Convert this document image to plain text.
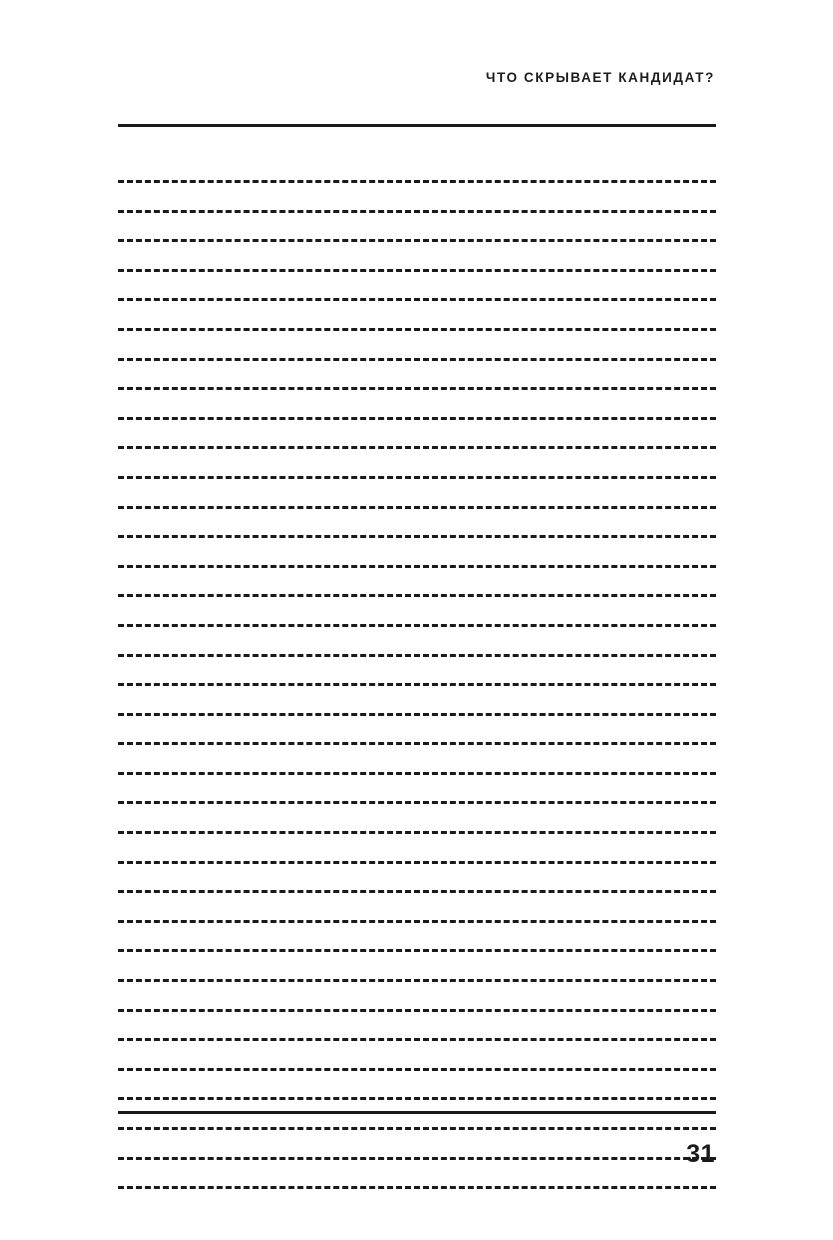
ЧТО СКРЫВАЕТ КАНДИДАТ?
31
